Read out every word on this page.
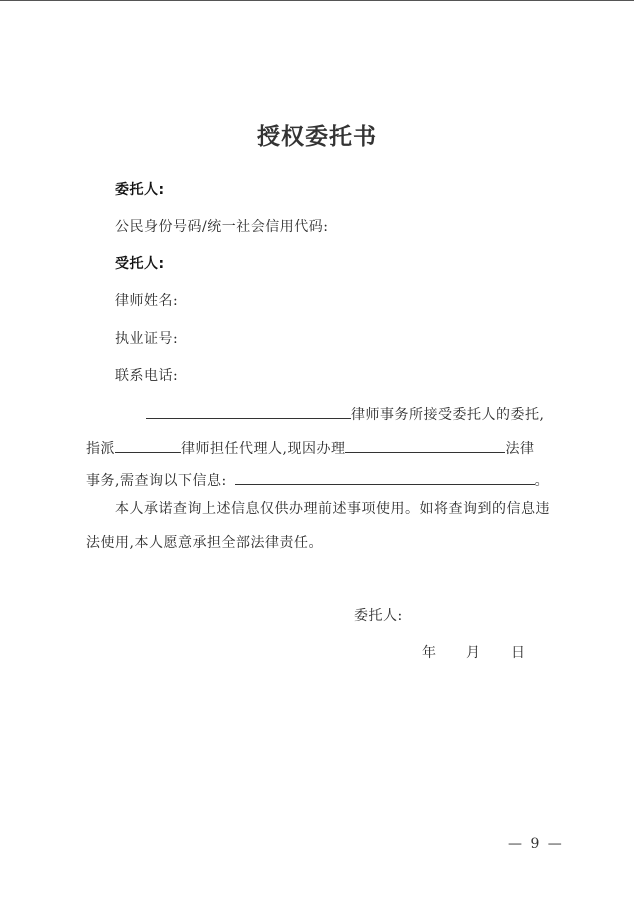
授权委托书
委托人:
公民身份号码/统一社会信用代码:
受托人:
律师姓名:
执业证号:
联系电话:
律师事务所接受委托人的委托,
指派	律师担任代理人,现因办理	法律
事务,需查询以下信息:	。
本人承诺查询上述信息仅供办理前述事项使用。如将查询到的信息违
法使用,本人愿意承担全部法律责任。
委托人:
年 月 日
— 9 —
